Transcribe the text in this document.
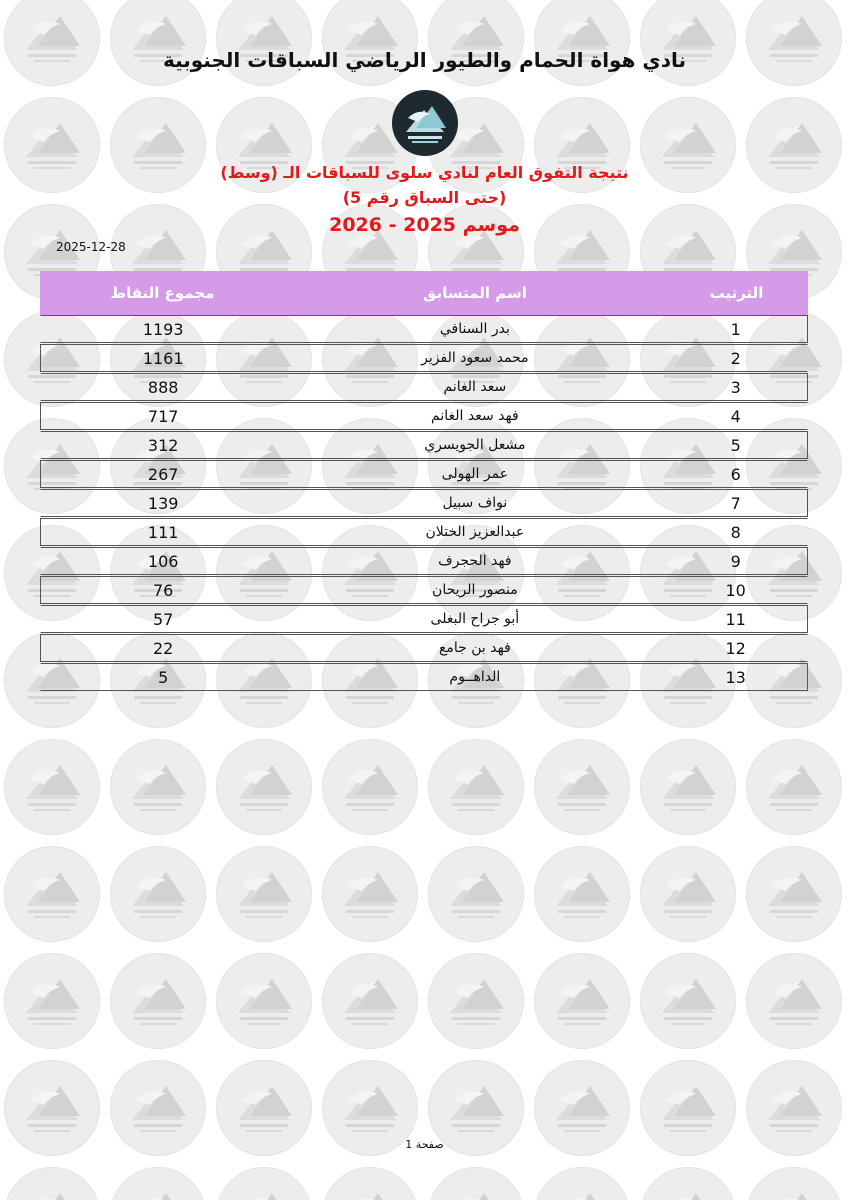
نادي هواة الحمام والطيور الرياضي السباقات الجنوبية
نتيجة التفوق العام لنادي سلوى للسباقات الـ (وسط)
(حتى السباق رقم 5)
موسم 2025 - 2026
2025-12-28
مجموع النقاط	اسم المتسابق	الترتيب
1193	بدر السنافي	1
1161	محمد سعود الفزير	2
888	سعد الغانم	3
717	فهد سعد الغانم	4
312	مشعل الجويسري	5
267	عمر الهولى	6
139	نواف سبيل	7
111	عبدالعزيز الختلان	8
106	فهد الحجرف	9
76	منصور الريحان	10
57	أبو جراح البغلى	11
22	فهد بن جامع	12
5	الداهــوم	13
صفحة 1
